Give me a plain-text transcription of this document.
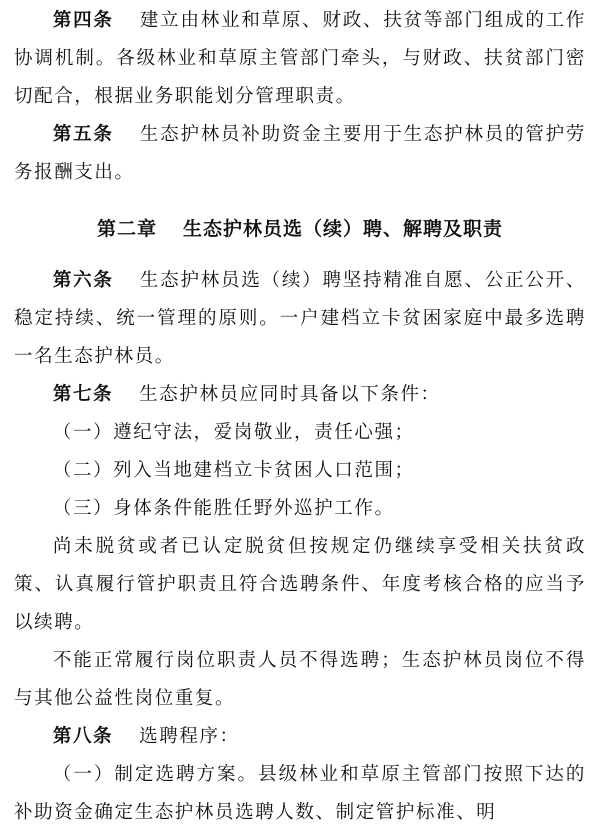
第四条 建立由林业和草原、财政、扶贫等部门组成的工作协调机制。各级林业和草原主管部门牵头，与财政、扶贫部门密切配合，根据业务职能划分管理职责。

第五条 生态护林员补助资金主要用于生态护林员的管护劳务报酬支出。

第二章 生态护林员选（续）聘、解聘及职责

第六条 生态护林员选（续）聘坚持精准自愿、公正公开、稳定持续、统一管理的原则。一户建档立卡贫困家庭中最多选聘一名生态护林员。

第七条 生态护林员应同时具备以下条件：

（一）遵纪守法，爱岗敬业，责任心强；

（二）列入当地建档立卡贫困人口范围；

（三）身体条件能胜任野外巡护工作。

尚未脱贫或者已认定脱贫但按规定仍继续享受相关扶贫政策、认真履行管护职责且符合选聘条件、年度考核合格的应当予以续聘。

不能正常履行岗位职责人员不得选聘；生态护林员岗位不得与其他公益性岗位重复。

第八条 选聘程序：

（一）制定选聘方案。县级林业和草原主管部门按照下达的补助资金确定生态护林员选聘人数、制定管护标准、明
